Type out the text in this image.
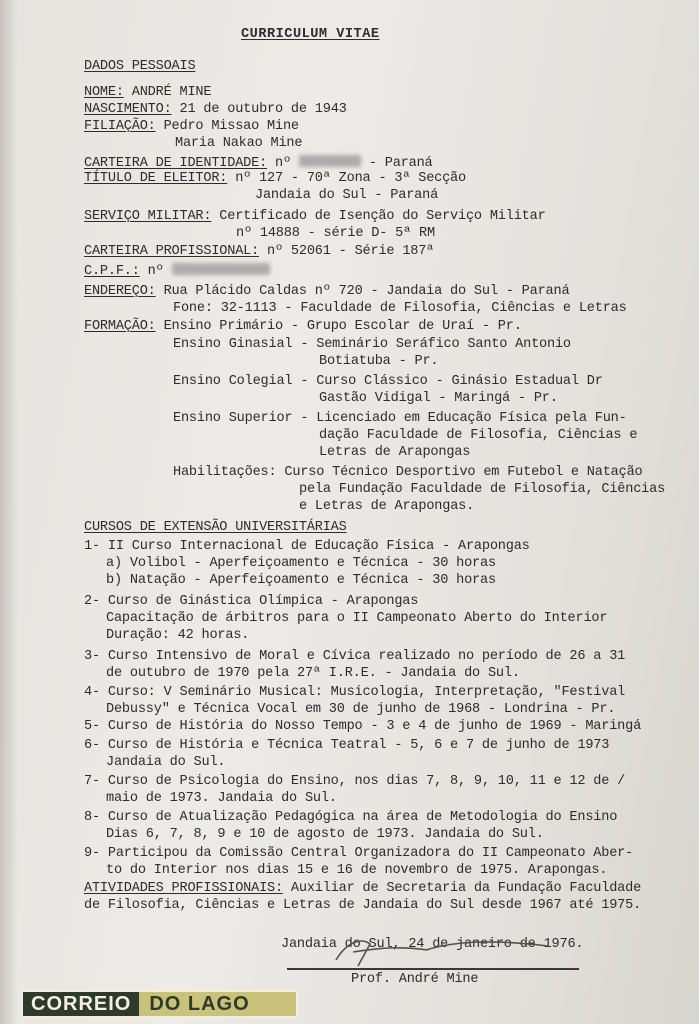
CURRICULUM VITAE
DADOS PESSOAIS
NOME: ANDRÉ MINE
NASCIMENTO: 21 de outubro de 1943
FILIAÇÃO: Pedro Missao Mine
Maria Nakao Mine
CARTEIRA DE IDENTIDADE: nº	- Paraná
TÍTULO DE ELEITOR: nº 127 - 70ª Zona - 3ª Secção
Jandaia do Sul - Paraná
SERVIÇO MILITAR: Certificado de Isenção do Serviço Militar
nº 14888 - série D- 5ª RM
CARTEIRA PROFISSIONAL: nº 52061 - Série 187ª
C.P.F.: nº
ENDEREÇO: Rua Plácido Caldas nº 720 - Jandaia do Sul - Paraná
Fone: 32-1113 - Faculdade de Filosofia, Ciências e Letras
FORMAÇÃO: Ensino Primário - Grupo Escolar de Uraí - Pr.
Ensino Ginasial - Seminário Seráfico Santo Antonio
Botiatuba - Pr.
Ensino Colegial - Curso Clássico - Ginásio Estadual Dr
Gastão Vidigal - Maringá - Pr.
Ensino Superior - Licenciado em Educação Física pela Fun-
dação Faculdade de Filosofia, Ciências e
Letras de Arapongas
Habilitações: Curso Técnico Desportivo em Futebol e Natação
pela Fundação Faculdade de Filosofia, Ciências
e Letras de Arapongas.
CURSOS DE EXTENSÃO UNIVERSITÁRIAS
1- II Curso Internacional de Educação Física - Arapongas
a) Volibol - Aperfeiçoamento e Técnica - 30 horas
b) Natação - Aperfeiçoamento e Técnica - 30 horas
2- Curso de Ginástica Olímpica - Arapongas
Capacitação de árbitros para o II Campeonato Aberto do Interior
Duração: 42 horas.
3- Curso Intensivo de Moral e Cívica realizado no período de 26 a 31
de outubro de 1970 pela 27ª I.R.E. - Jandaia do Sul.
4- Curso: V Seminário Musical: Musicologia, Interpretação, "Festival
Debussy" e Técnica Vocal em 30 de junho de 1968 - Londrina - Pr.
5- Curso de História do Nosso Tempo - 3 e 4 de junho de 1969 - Maringá
6- Curso de História e Técnica Teatral - 5, 6 e 7 de junho de 1973
Jandaia do Sul.
7- Curso de Psicologia do Ensino, nos dias 7, 8, 9, 10, 11 e 12 de /
maio de 1973. Jandaia do Sul.
8- Curso de Atualização Pedagógica na área de Metodologia do Ensino
Dias 6, 7, 8, 9 e 10 de agosto de 1973. Jandaia do Sul.
9- Participou da Comissão Central Organizadora do II Campeonato Aber-
to do Interior nos dias 15 e 16 de novembro de 1975. Arapongas.
ATIVIDADES PROFISSIONAIS: Auxiliar de Secretaria da Fundação Faculdade
de Filosofia, Ciências e Letras de Jandaia do Sul desde 1967 até 1975.
Jandaia do Sul, 24 de janeiro de 1976.
Prof. André Mine
CORREIO DO LAGO
